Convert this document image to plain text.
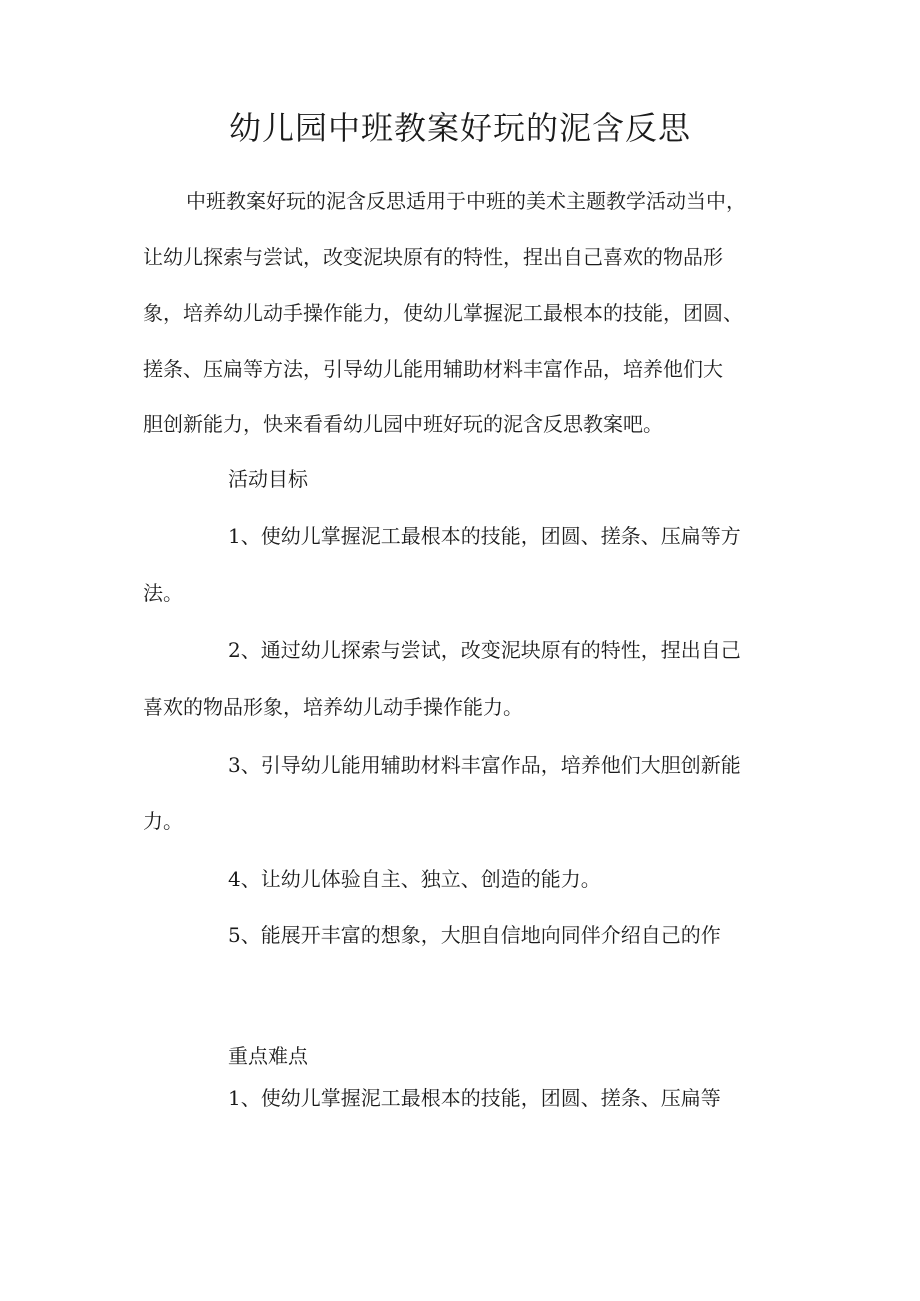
幼儿园中班教案好玩的泥含反思
中班教案好玩的泥含反思适用于中班的美术主题教学活动当中，
让幼儿探索与尝试，改变泥块原有的特性，捏出自己喜欢的物品形
象，培养幼儿动手操作能力，使幼儿掌握泥工最根本的技能，团圆、
搓条、压扁等方法，引导幼儿能用辅助材料丰富作品，培养他们大
胆创新能力，快来看看幼儿园中班好玩的泥含反思教案吧。
活动目标
1、使幼儿掌握泥工最根本的技能，团圆、搓条、压扁等方
法。
2、通过幼儿探索与尝试，改变泥块原有的特性，捏出自己
喜欢的物品形象，培养幼儿动手操作能力。
3、引导幼儿能用辅助材料丰富作品，培养他们大胆创新能
力。
4、让幼儿体验自主、独立、创造的能力。
5、能展开丰富的想象，大胆自信地向同伴介绍自己的作
重点难点
1、使幼儿掌握泥工最根本的技能，团圆、搓条、压扁等
